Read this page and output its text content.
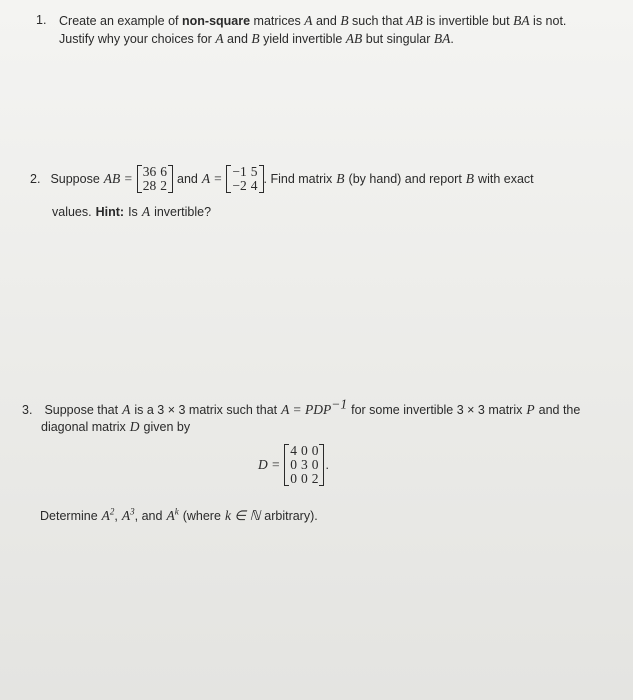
1. Create an example of non-square matrices A and B such that AB is invertible but BA is not.
Justify why your choices for A and B yield invertible AB but singular BA.
2. Suppose AB = 36	6
28	2 and A = −1	5
−2	4 . Find matrix B (by hand) and report B with exact
values. Hint: Is A invertible?
3. Suppose that A is a 3 × 3 matrix such that $A = PDP^{-1}$ for some invertible 3 × 3 matrix P and the
diagonal matrix D given by
D =
4	0	0
0	3	0
0	0	2
.
Determine $A^2$ , $A^3$ , and $A^k$ (where k ∈ ℕ arbitrary).
